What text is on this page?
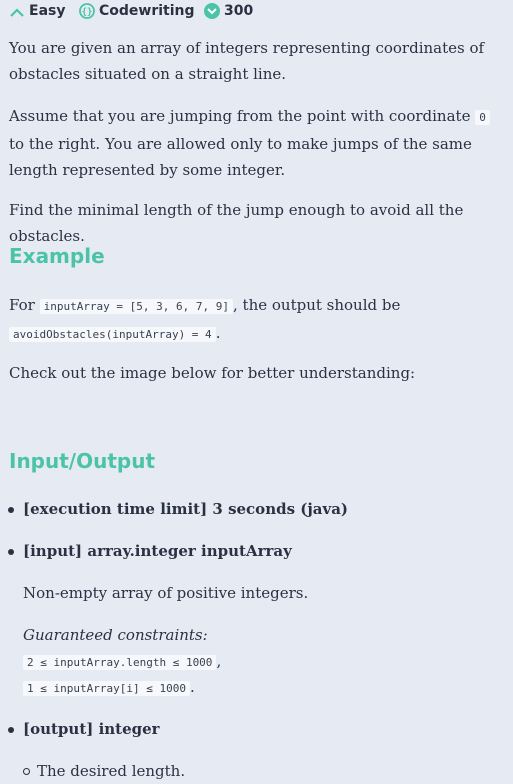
Easy {} Codewriting 300
You are given an array of integers representing coordinates of obstacles situated on a straight line.
Assume that you are jumping from the point with coordinate 0 to the right. You are allowed only to make jumps of the same length represented by some integer.
Find the minimal length of the jump enough to avoid all the obstacles.
Example
For inputArray = [5, 3, 6, 7, 9] , the output should be
avoidObstacles(inputArray) = 4 .
Check out the image below for better understanding:
Input/Output
[execution time limit] 3 seconds (java)
[input] array.integer inputArray
Non-empty array of positive integers.
Guaranteed constraints:
2 ≤ inputArray.length ≤ 1000 ,
1 ≤ inputArray[i] ≤ 1000 .
[output] integer
The desired length.
